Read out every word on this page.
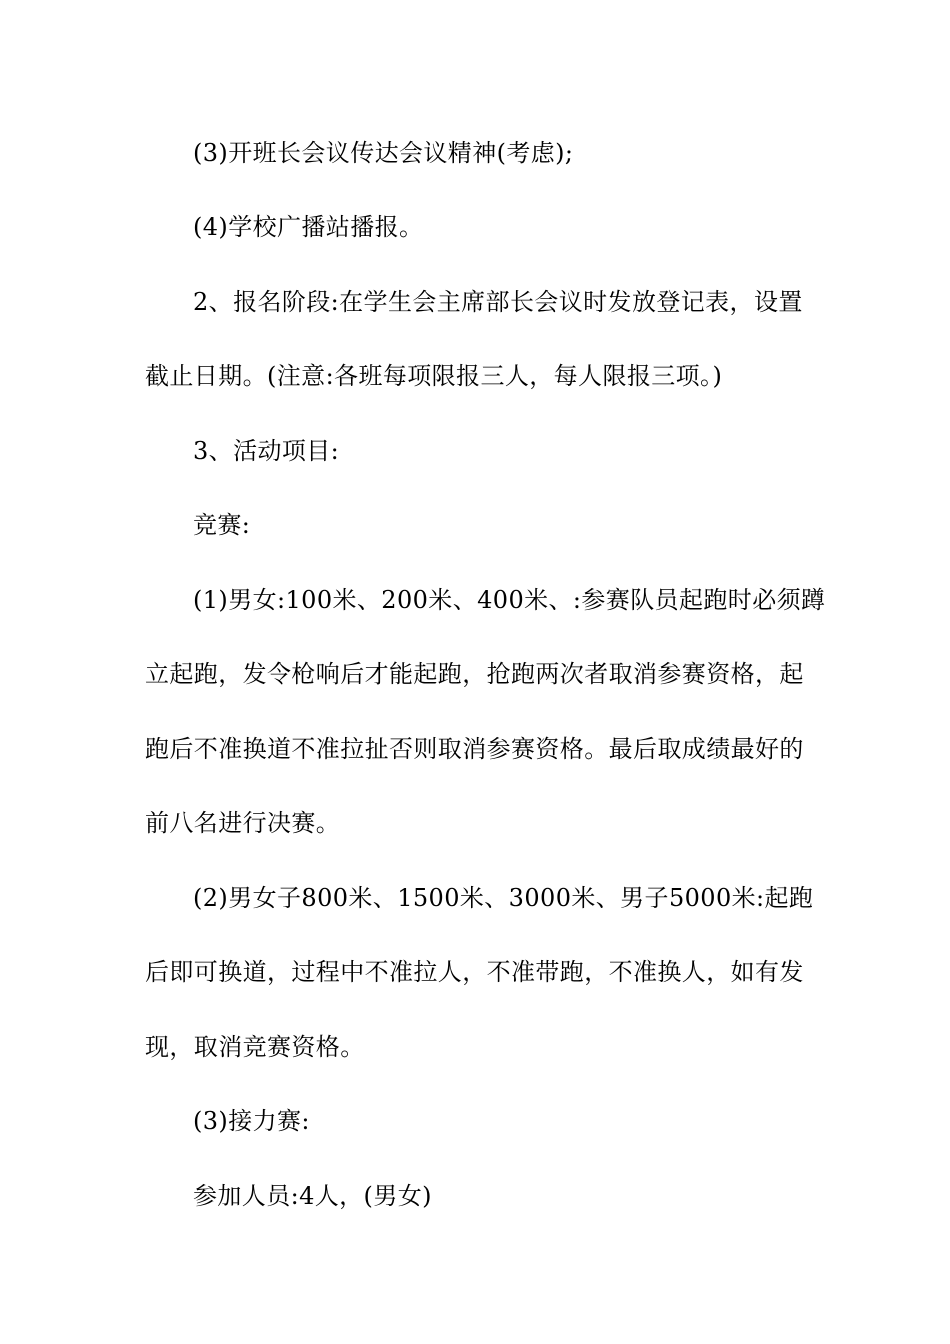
(3)开班长会议传达会议精神(考虑);
(4)学校广播站播报。
2、报名阶段:在学生会主席部长会议时发放登记表，设置
截止日期。(注意:各班每项限报三人，每人限报三项。)
3、活动项目:
竞赛:
(1)男女:100米、200米、400米、:参赛队员起跑时必须蹲
立起跑，发令枪响后才能起跑，抢跑两次者取消参赛资格，起
跑后不准换道不准拉扯否则取消参赛资格。最后取成绩最好的
前八名进行决赛。
(2)男女子800米、1500米、3000米、男子5000米:起跑
后即可换道，过程中不准拉人，不准带跑，不准换人，如有发
现，取消竞赛资格。
(3)接力赛:
参加人员:4人，(男女)
